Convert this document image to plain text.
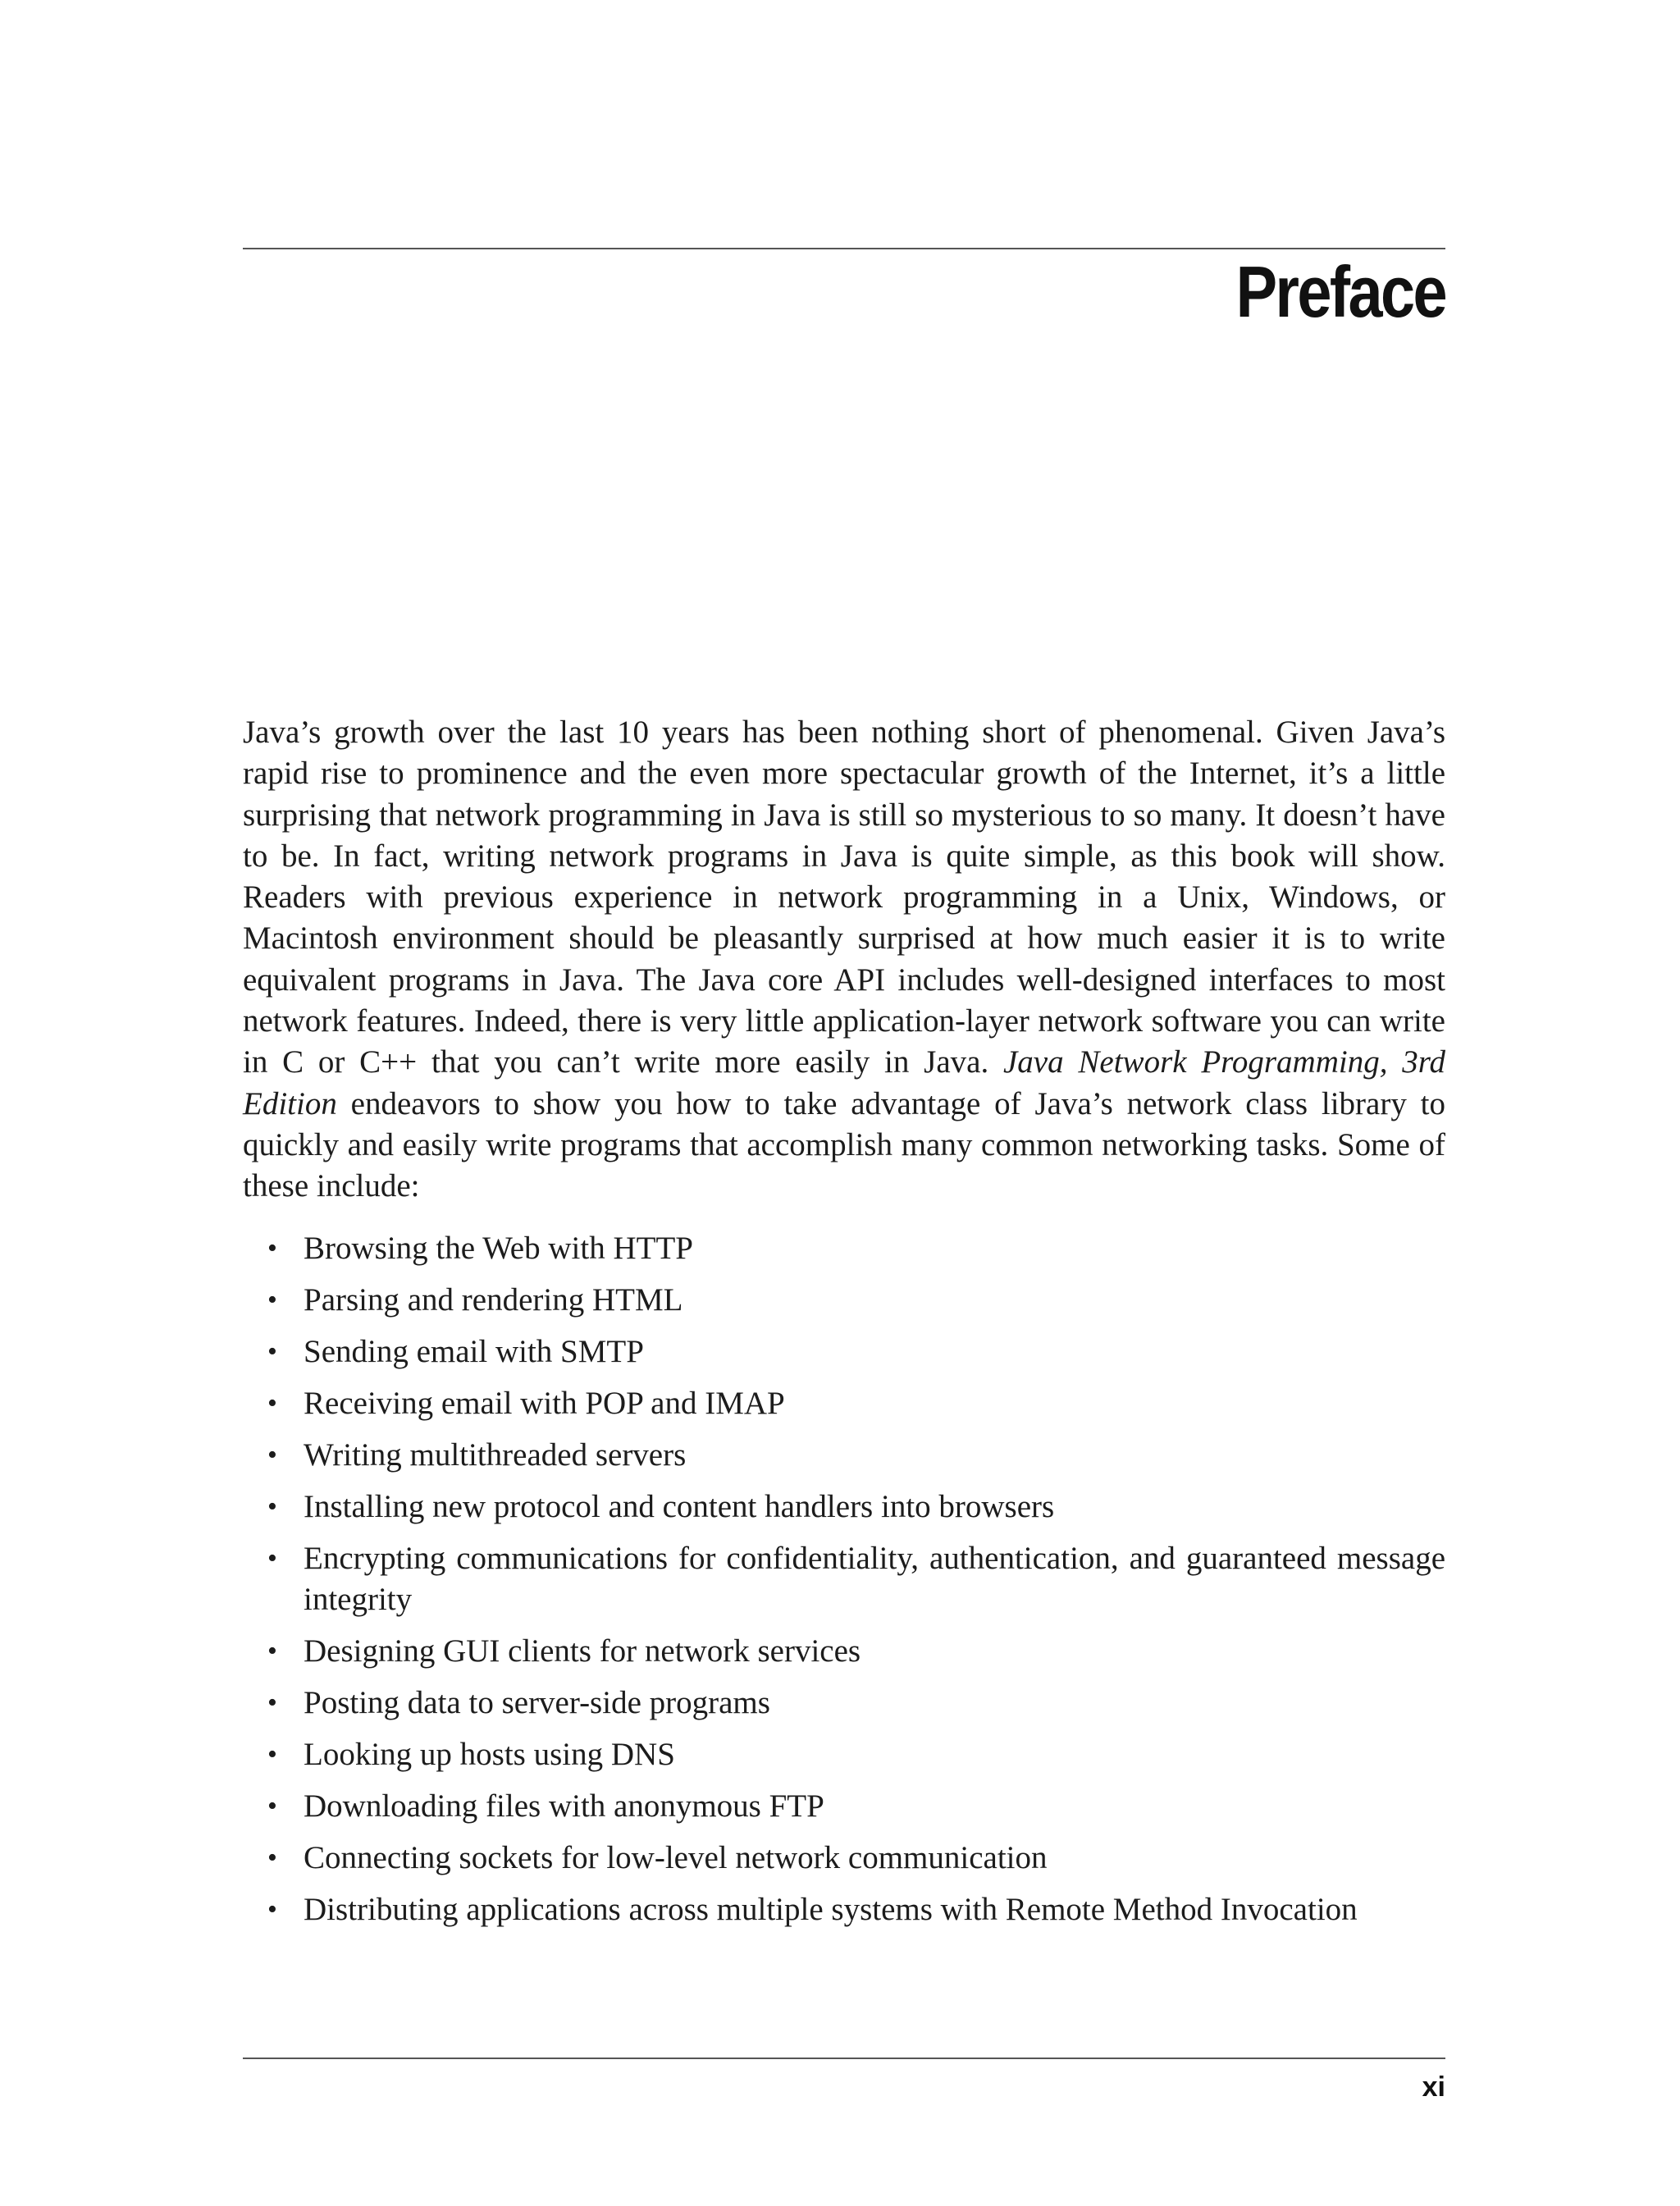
Preface

Java’s growth over the last 10 years has been nothing short of phenomenal. Given Java’s rapid rise to prominence and the even more spectacular growth of the Internet, it’s a little surprising that network programming in Java is still so mysterious to so many. It doesn’t have to be. In fact, writing network programs in Java is quite simple, as this book will show. Readers with previous experience in network programming in a Unix, Windows, or Macintosh environment should be pleasantly surprised at how much easier it is to write equivalent programs in Java. The Java core API includes well-designed interfaces to most network features. Indeed, there is very little application-layer network software you can write in C or C++ that you can’t write more easily in Java. Java Network Programming, 3rd Edition endeavors to show you how to take advantage of Java’s network class library to quickly and easily write programs that accomplish many common networking tasks. Some of these include:

• Browsing the Web with HTTP
• Parsing and rendering HTML
• Sending email with SMTP
• Receiving email with POP and IMAP
• Writing multithreaded servers
• Installing new protocol and content handlers into browsers
• Encrypting communications for confidentiality, authentication, and guaranteed message integrity
• Designing GUI clients for network services
• Posting data to server-side programs
• Looking up hosts using DNS
• Downloading files with anonymous FTP
• Connecting sockets for low-level network communication
• Distributing applications across multiple systems with Remote Method Invocation
xi
